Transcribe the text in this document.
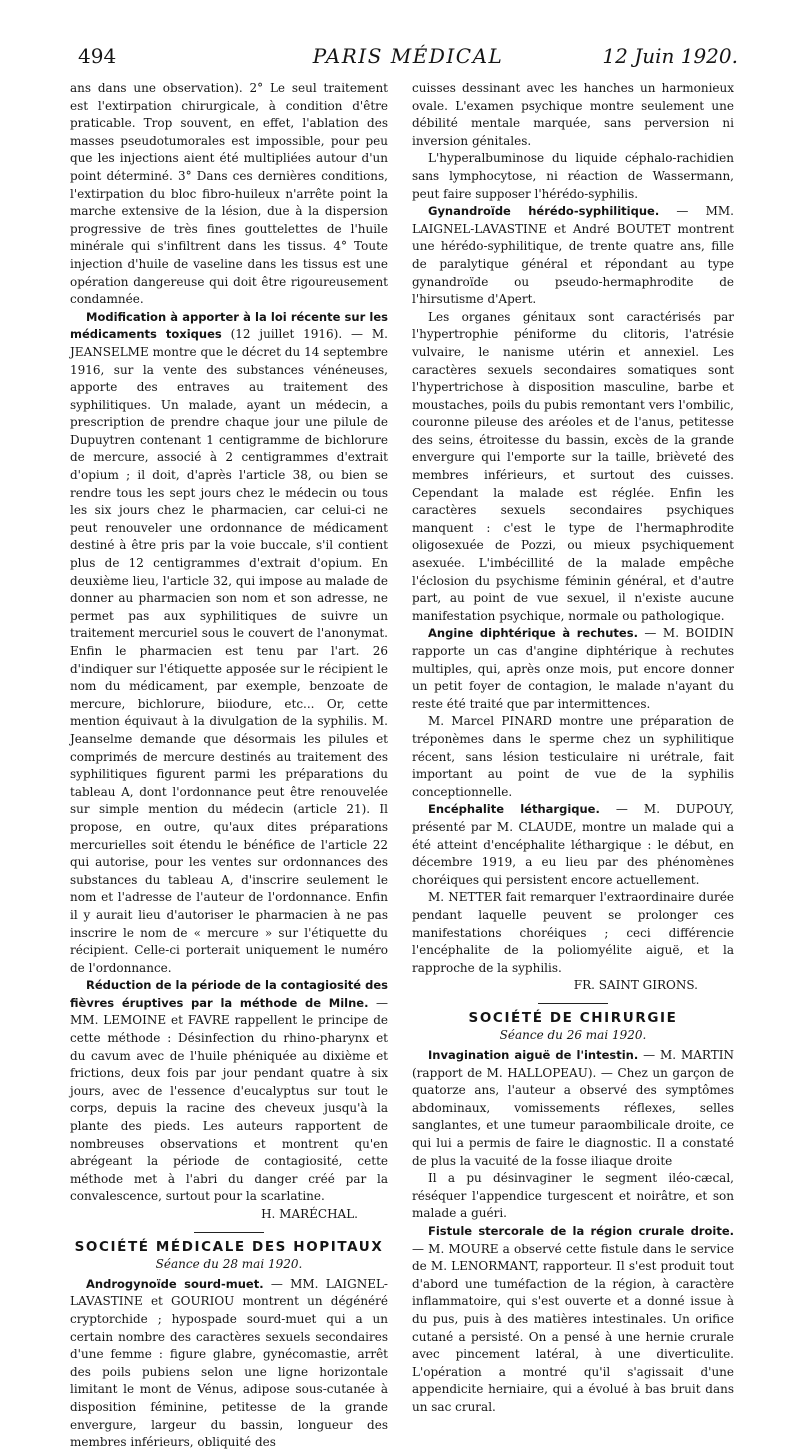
494	PARIS MÉDICAL	12 Juin 1920.

ans dans une observation). 2° Le seul traitement est l'extirpation chirurgicale, à condition d'être praticable. Trop souvent, en effet, l'ablation des masses pseudotumorales est impossible, pour peu que les injections aient été multipliées autour d'un point déterminé. 3° Dans ces dernières conditions, l'extirpation du bloc fibro-huileux n'arrête point la marche extensive de la lésion, due à la dispersion progressive de très fines gouttelettes de l'huile minérale qui s'infiltrent dans les tissus. 4° Toute injection d'huile de vaseline dans les tissus est une opération dangereuse qui doit être rigoureusement condamnée.

Modification à apporter à la loi récente sur les médicaments toxiques (12 juillet 1916). — M. JEANSELME montre que le décret du 14 septembre 1916, sur la vente des substances vénéneuses, apporte des entraves au traitement des syphilitiques. Un malade, ayant un médecin, a prescription de prendre chaque jour une pilule de Dupuytren contenant 1 centigramme de bichlorure de mercure, associé à 2 centigrammes d'extrait d'opium ; il doit, d'après l'article 38, ou bien se rendre tous les sept jours chez le médecin ou tous les six jours chez le pharmacien, car celui-ci ne peut renouveler une ordonnance de médicament destiné à être pris par la voie buccale, s'il contient plus de 12 centigrammes d'extrait d'opium. En deuxième lieu, l'article 32, qui impose au malade de donner au pharmacien son nom et son adresse, ne permet pas aux syphilitiques de suivre un traitement mercuriel sous le couvert de l'anonymat. Enfin le pharmacien est tenu par l'art. 26 d'indiquer sur l'étiquette apposée sur le récipient le nom du médicament, par exemple, benzoate de mercure, bichlorure, biiodure, etc... Or, cette mention équivaut à la divulgation de la syphilis. M. Jeanselme demande que désormais les pilules et comprimés de mercure destinés au traitement des syphilitiques figurent parmi les préparations du tableau A, dont l'ordonnance peut être renouvelée sur simple mention du médecin (article 21). Il propose, en outre, qu'aux dites préparations mercurielles soit étendu le bénéfice de l'article 22 qui autorise, pour les ventes sur ordonnances des substances du tableau A, d'inscrire seulement le nom et l'adresse de l'auteur de l'ordonnance. Enfin il y aurait lieu d'autoriser le pharmacien à ne pas inscrire le nom de « mercure » sur l'étiquette du récipient. Celle-ci porterait uniquement le numéro de l'ordonnance.

Réduction de la période de la contagiosité des fièvres éruptives par la méthode de Milne. — MM. LEMOINE et FAVRE rappellent le principe de cette méthode : Désinfection du rhino-pharynx et du cavum avec de l'huile phéniquée au dixième et frictions, deux fois par jour pendant quatre à six jours, avec de l'essence d'eucalyptus sur tout le corps, depuis la racine des cheveux jusqu'à la plante des pieds. Les auteurs rapportent de nombreuses observations et montrent qu'en abrégeant la période de contagiosité, cette méthode met à l'abri du danger créé par la convalescence, surtout pour la scarlatine.

H. MARÉCHAL.

SOCIÉTÉ MÉDICALE DES HOPITAUX

Séance du 28 mai 1920.

Androgynoïde sourd-muet. — MM. LAIGNEL-LAVASTINE et GOURIOU montrent un dégénéré cryptorchide ; hypospade sourd-muet qui a un certain nombre des caractères sexuels secondaires d'une femme : figure glabre, gynécomastie, arrêt des poils pubiens selon une ligne horizontale limitant le mont de Vénus, adipose sous-cutanée à disposition féminine, petitesse de la grande envergure, largeur du bassin, longueur des membres inférieurs, obliquité des

cuisses dessinant avec les hanches un harmonieux ovale. L'examen psychique montre seulement une débilité mentale marquée, sans perversion ni inversion génitales.

L'hyperalbuminose du liquide céphalo-rachidien sans lymphocytose, ni réaction de Wassermann, peut faire supposer l'hérédo-syphilis.

Gynandroïde hérédo-syphilitique. — MM. LAIGNEL-LAVASTINE et André BOUTET montrent une hérédo-syphilitique, de trente quatre ans, fille de paralytique général et répondant au type gynandroïde ou pseudo-hermaphrodite de l'hirsutisme d'Apert.

Les organes génitaux sont caractérisés par l'hypertrophie péniforme du clitoris, l'atrésie vulvaire, le nanisme utérin et annexiel. Les caractères sexuels secondaires somatiques sont l'hypertrichose à disposition masculine, barbe et moustaches, poils du pubis remontant vers l'ombilic, couronne pileuse des aréoles et de l'anus, petitesse des seins, étroitesse du bassin, excès de la grande envergure qui l'emporte sur la taille, brièveté des membres inférieurs, et surtout des cuisses. Cependant la malade est réglée. Enfin les caractères sexuels secondaires psychiques manquent : c'est le type de l'hermaphrodite oligosexuée de Pozzi, ou mieux psychiquement asexuée. L'imbécillité de la malade empêche l'éclosion du psychisme féminin général, et d'autre part, au point de vue sexuel, il n'existe aucune manifestation psychique, normale ou pathologique.

Angine diphtérique à rechutes. — M. BOIDIN rapporte un cas d'angine diphtérique à rechutes multiples, qui, après onze mois, put encore donner un petit foyer de contagion, le malade n'ayant du reste été traité que par intermittences.

M. Marcel PINARD montre une préparation de tréponèmes dans le sperme chez un syphilitique récent, sans lésion testiculaire ni urétrale, fait important au point de vue de la syphilis conceptionnelle.

Encéphalite léthargique. — M. DUPOUY, présenté par M. CLAUDE, montre un malade qui a été atteint d'encéphalite léthargique : le début, en décembre 1919, a eu lieu par des phénomènes choréiques qui persistent encore actuellement.

M. NETTER fait remarquer l'extraordinaire durée pendant laquelle peuvent se prolonger ces manifestations choréiques ; ceci différencie l'encéphalite de la poliomyélite aiguë, et la rapproche de la syphilis.

FR. SAINT GIRONS.

SOCIÉTÉ DE CHIRURGIE

Séance du 26 mai 1920.

Invagination aiguë de l'intestin. — M. MARTIN (rapport de M. HALLOPEAU). — Chez un garçon de quatorze ans, l'auteur a observé des symptômes abdominaux, vomissements réflexes, selles sanglantes, et une tumeur paraombilicale droite, ce qui lui a permis de faire le diagnostic. Il a constaté de plus la vacuité de la fosse iliaque droite

Il a pu désinvaginer le segment iléo-cæcal, réséquer l'appendice turgescent et noirâtre, et son malade a guéri.

Fistule stercorale de la région crurale droite. — M. MOURE a observé cette fistule dans le service de M. LENORMANT, rapporteur. Il s'est produit tout d'abord une tuméfaction de la région, à caractère inflammatoire, qui s'est ouverte et a donné issue à du pus, puis à des matières intestinales. Un orifice cutané a persisté. On a pensé à une hernie crurale avec pincement latéral, à une diverticulite. L'opération a montré qu'il s'agissait d'une appendicite herniaire, qui a évolué à bas bruit dans un sac crural.
